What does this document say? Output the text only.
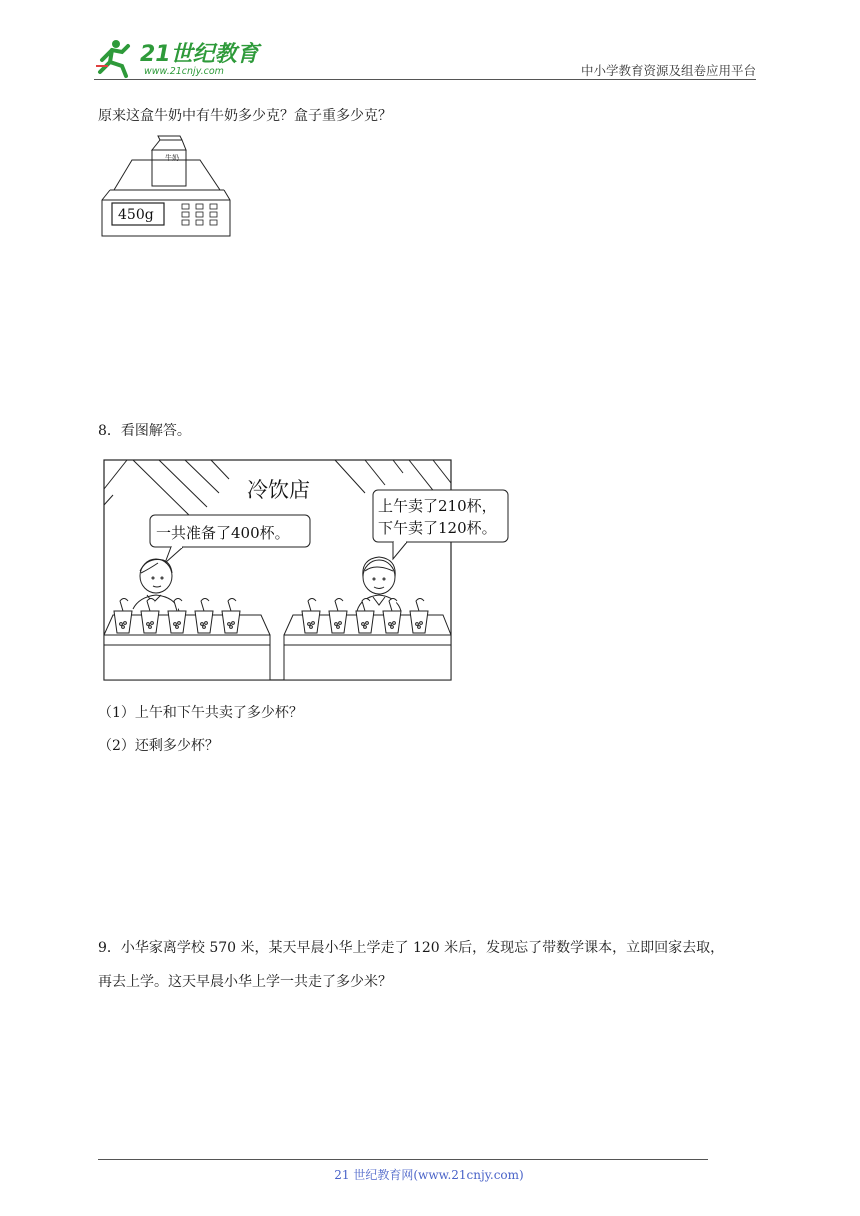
21世纪教育
www.21cnjy.com	中小学教育资源及组卷应用平台
原来这盒牛奶中有牛奶多少克？盒子重多少克？
牛奶
450g
8．看图解答。
冷饮店
一共准备了400杯。
上午卖了210杯，
下午卖了120杯。
（1）上午和下午共卖了多少杯？
（2）还剩多少杯？
9．小华家离学校 570 米，某天早晨小华上学走了 120 米后，发现忘了带数学课本，立即回家去取，
再去上学。这天早晨小华上学一共走了多少米？
21 世纪教育网(www.21cnjy.com)
